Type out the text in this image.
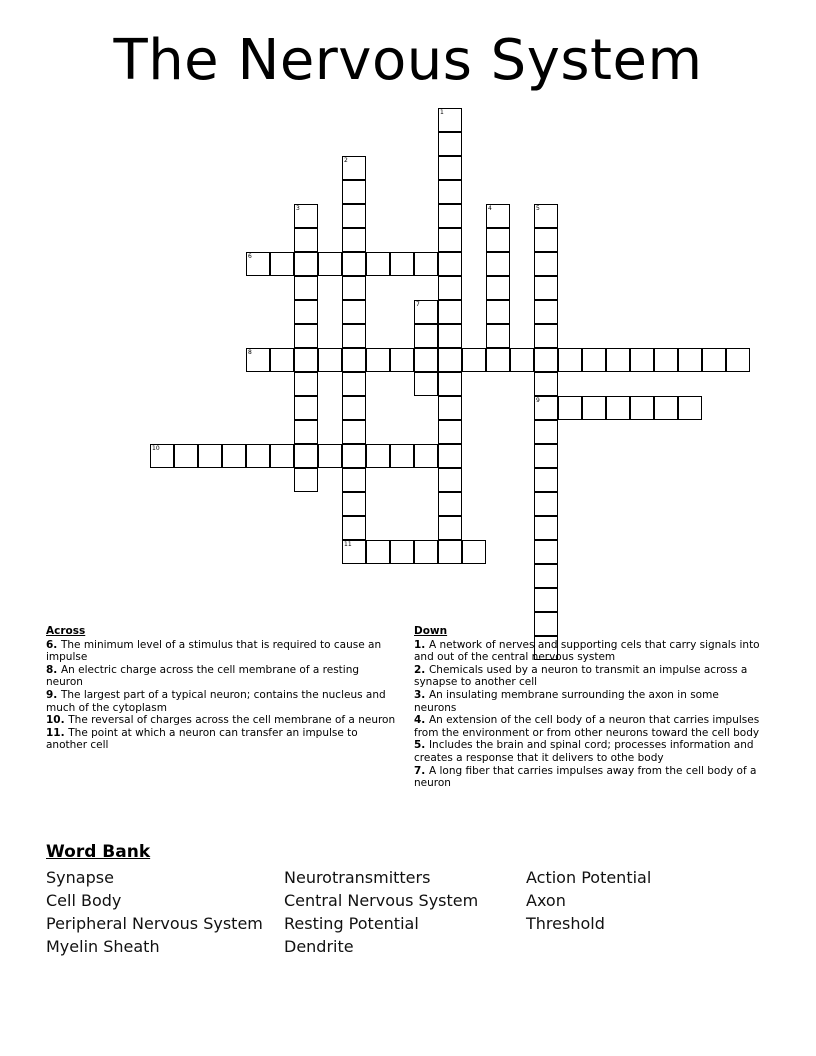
The Nervous System
1
2
3	4	5
9
6
7
8
10
11
Across

6. The minimum level of a stimulus that is required to cause an impulse

8. An electric charge across the cell membrane of a resting neuron

9. The largest part of a typical neuron; contains the nucleus and much of the cytoplasm

10. The reversal of charges across the cell membrane of a neuron

11. The point at which a neuron can transfer an impulse to another cell

Down

1. A network of nerves and supporting cels that carry signals into and out of the central nervous system

2. Chemicals used by a neuron to transmit an impulse across a synapse to another cell

3. An insulating membrane surrounding the axon in some neurons

4. An extension of the cell body of a neuron that carries impulses from the environment or from other neurons toward the cell body

5. Includes the brain and spinal cord; processes information and creates a response that it delivers to othe body

7. A long fiber that carries impulses away from the cell body of a neuron

Word Bank
Synapse	Neurotransmitters	Action Potential
Cell Body	Central Nervous System	Axon
Peripheral Nervous System	Resting Potential	Threshold
Myelin Sheath	Dendrite
